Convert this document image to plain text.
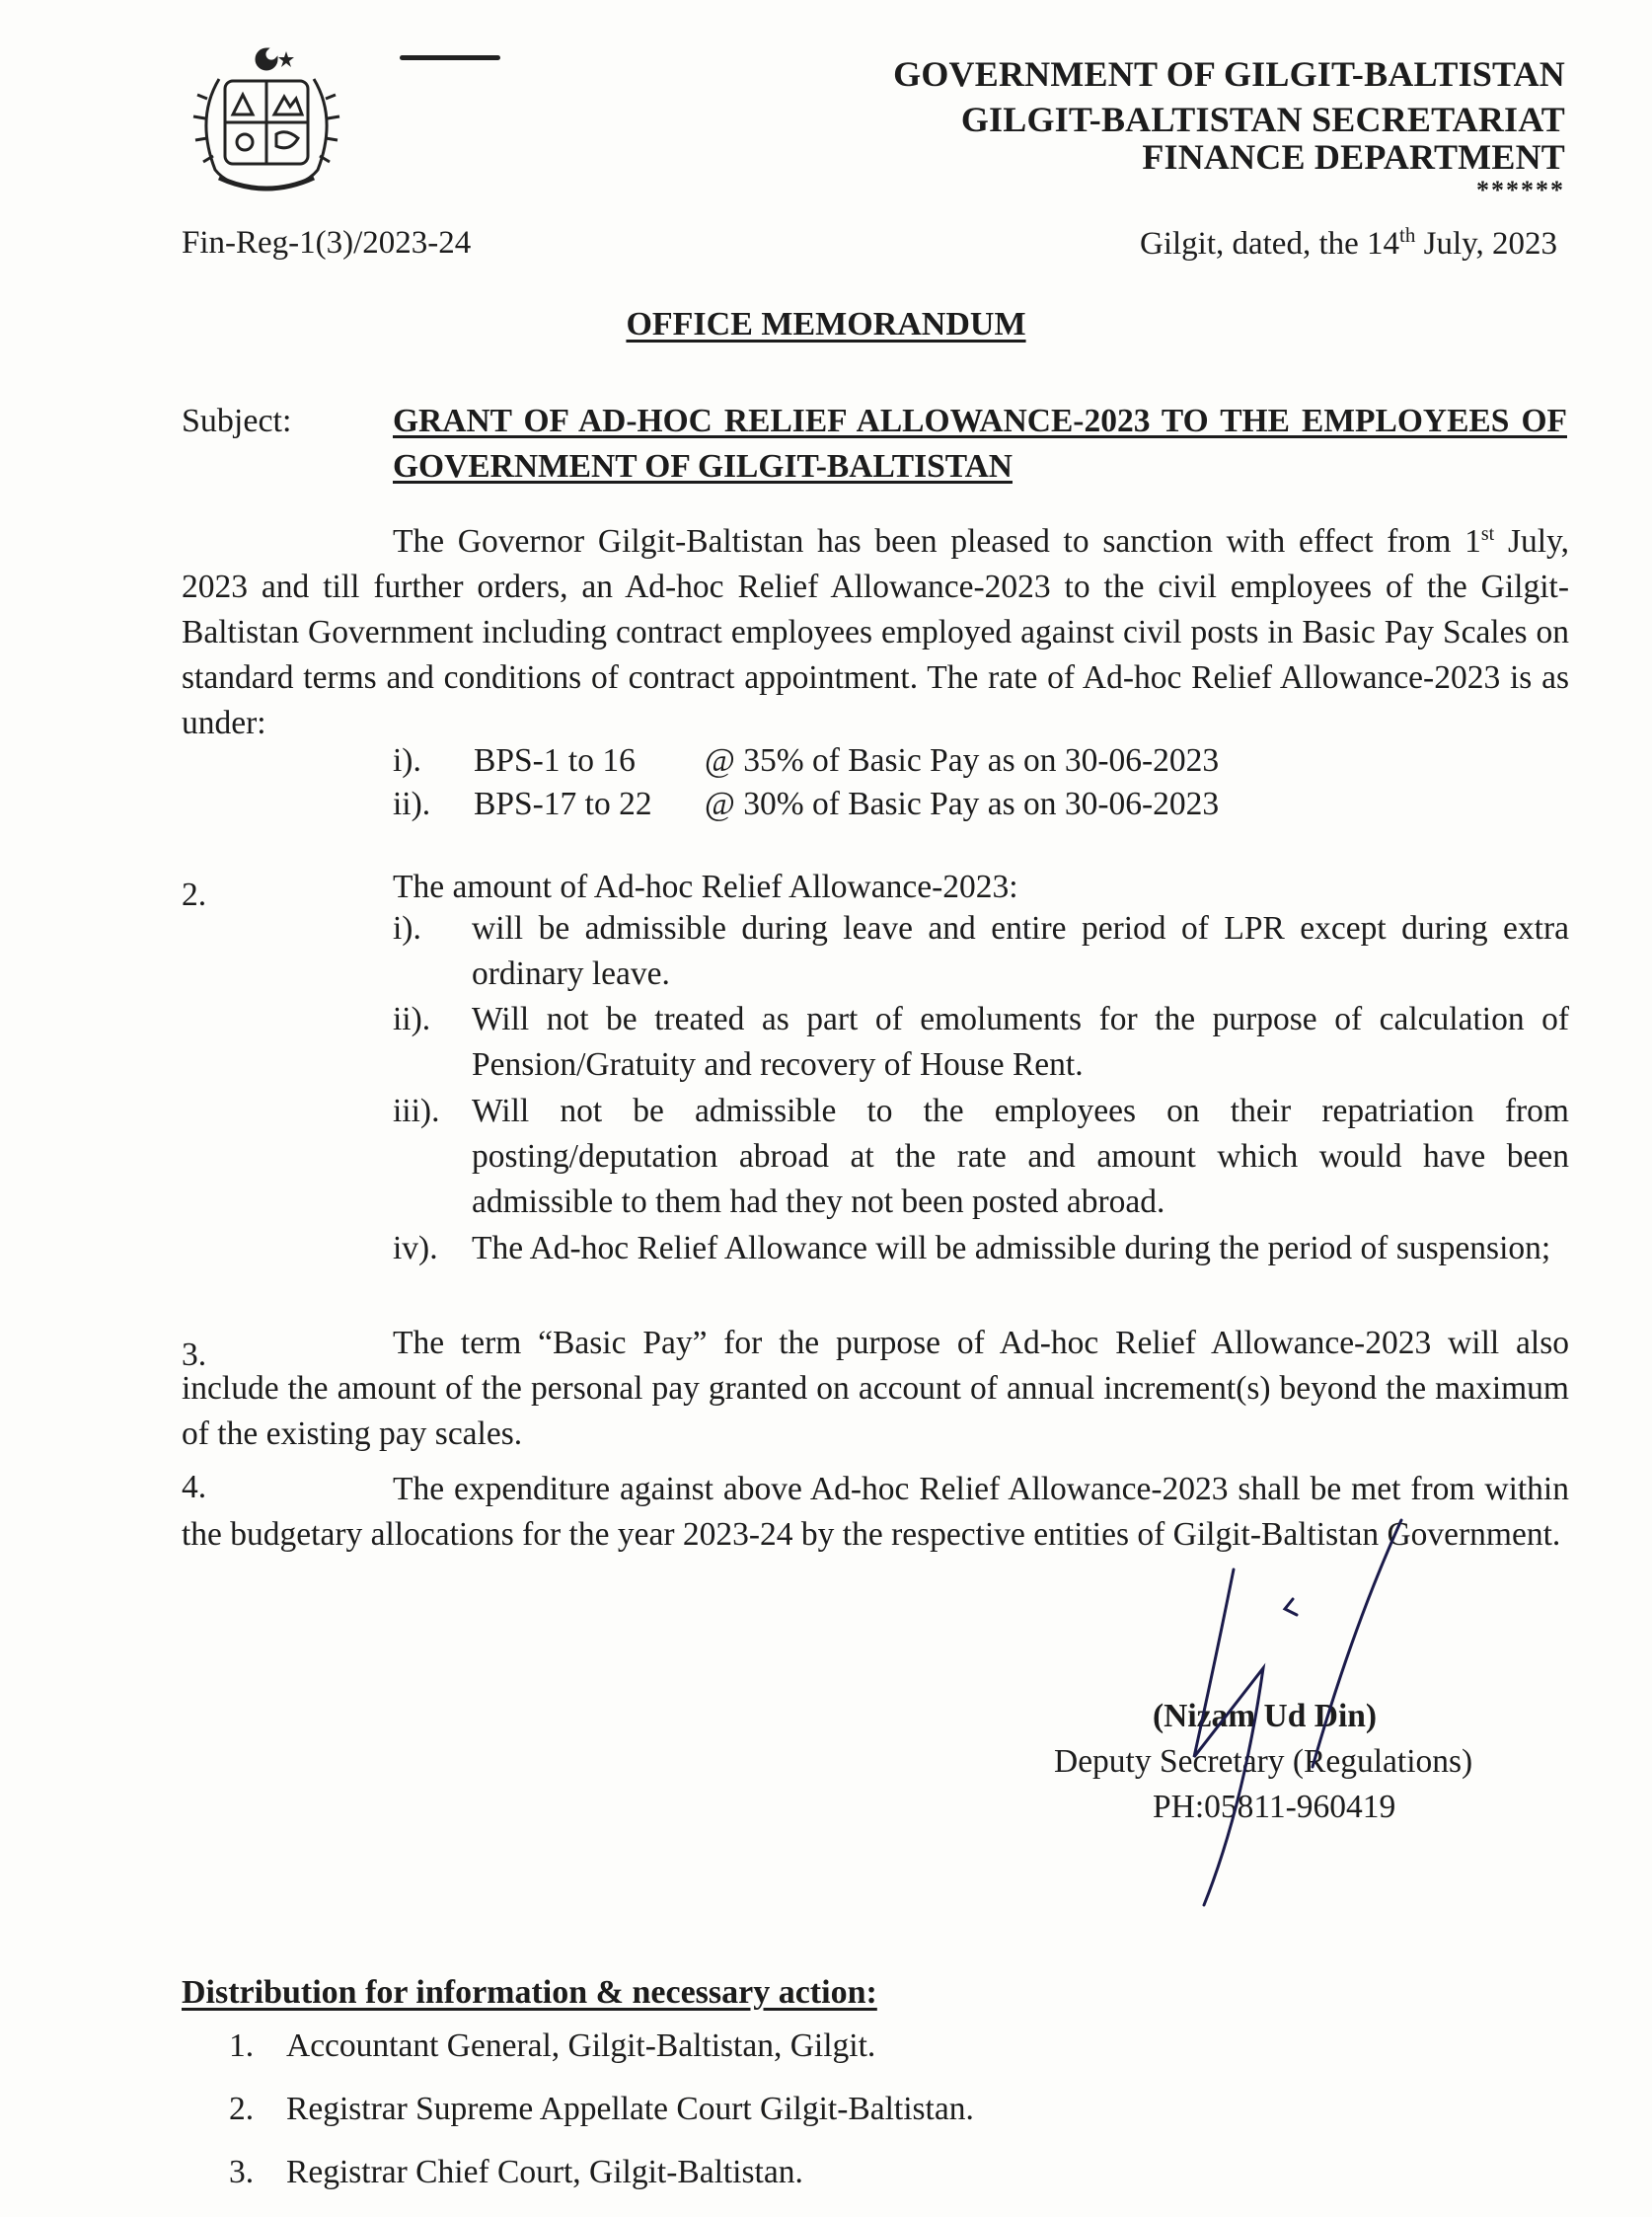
GOVERNMENT OF GILGIT-BALTISTAN
GILGIT-BALTISTAN SECRETARIAT
FINANCE DEPARTMENT
******
Fin-Reg-1(3)/2023-24	Gilgit, dated, the 14th July, 2023
OFFICE MEMORANDUM
Subject:	GRANT OF AD-HOC RELIEF ALLOWANCE-2023 TO THE EMPLOYEES OF GOVERNMENT OF GILGIT-BALTISTAN
The Governor Gilgit-Baltistan has been pleased to sanction with effect from 1st July, 2023 and till further orders, an Ad-hoc Relief Allowance-2023 to the civil employees of the Gilgit-Baltistan Government including contract employees employed against civil posts in Basic Pay Scales on standard terms and conditions of contract appointment. The rate of Ad-hoc Relief Allowance-2023 is as under:
i). BPS-1 to 16 @ 35% of Basic Pay as on 30-06-2023
ii). BPS-17 to 22 @ 30% of Basic Pay as on 30-06-2023
2.	The amount of Ad-hoc Relief Allowance-2023:
i). will be admissible during leave and entire period of LPR except during extra ordinary leave.
ii). Will not be treated as part of emoluments for the purpose of calculation of Pension/Gratuity and recovery of House Rent.
iii). Will not be admissible to the employees on their repatriation from posting/deputation abroad at the rate and amount which would have been admissible to them had they not been posted abroad.
iv). The Ad-hoc Relief Allowance will be admissible during the period of suspension;
3.	The term “Basic Pay” for the purpose of Ad-hoc Relief Allowance-2023 will also include the amount of the personal pay granted on account of annual increment(s) beyond the maximum of the existing pay scales.
4.	The expenditure against above Ad-hoc Relief Allowance-2023 shall be met from within the budgetary allocations for the year 2023-24 by the respective entities of Gilgit-Baltistan Government.
(Nizam Ud Din)
Deputy Secretary (Regulations)
PH:05811-960419
Distribution for information & necessary action:
1. Accountant General, Gilgit-Baltistan, Gilgit.
2. Registrar Supreme Appellate Court Gilgit-Baltistan.
3. Registrar Chief Court, Gilgit-Baltistan.
